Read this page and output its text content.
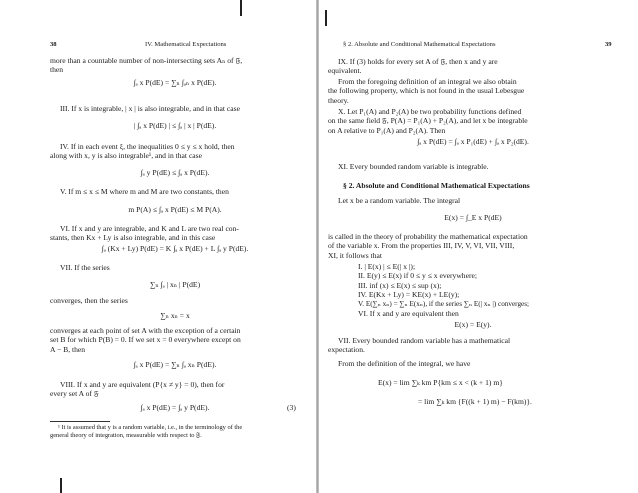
38	IV. Mathematical Expectations
more than a countable number of non-intersecting sets Aₙ of 𝔉,
then
∫ₐ x P(dE) = ∑ₙ ∫ₐₙ x P(dE).
III. If x is integrable, | x | is also integrable, and in that case
| ∫ₐ x P(dE) | ≤ ∫ₐ | x | P(dE).
IV. If in each event ξ, the inequalities 0 ≤ y ≤ x hold, then
along with x, y is also integrable¹, and in that case
∫ₐ y P(dE) ≤ ∫ₐ x P(dE).
V. If m ≤ x ≤ M where m and M are two constants, then
m P(A) ≤ ∫ₐ x P(dE) ≤ M P(A).
VI. If x and y are integrable, and K and L are two real con-
stants, then Kx + Ly is also integrable, and in this case
∫ₐ (Kx + Ly) P(dE) = K ∫ₐ x P(dE) + L ∫ₐ y P(dE).
VII. If the series
∑ₙ ∫ₐ | xₙ | P(dE)
converges, then the series
∑ₙ xₙ = x
converges at each point of set A with the exception of a certain
set B for which P(B) = 0. If we set x = 0 everywhere except on
A − B, then
∫ₐ x P(dE) = ∑ₙ ∫ₐ xₙ P(dE).
VIII. If x and y are equivalent (P{x ≠ y} = 0), then for
every set A of 𝔉
∫ₐ x P(dE) = ∫ₐ y P(dE).	(3)
¹ It is assumed that y is a random variable, i.e., in the terminology of the
general theory of integration, measurable with respect to 𝔉.
§ 2. Absolute and Conditional Mathematical Expectations	39
IX. If (3) holds for every set A of 𝔉, then x and y are
equivalent.
From the foregoing definition of an integral we also obtain
the following property, which is not found in the usual Lebesgue
theory.
X. Let P₁(A) and P₂(A) be two probability functions defined
on the same field 𝔉, P(A) = P₁(A) + P₂(A), and let x be integrable
on A relative to P₁(A) and P₂(A). Then
∫ₐ x P(dE) = ∫ₐ x P₁(dE) + ∫ₐ x P₂(dE).
XI. Every bounded random variable is integrable.
§ 2. Absolute and Conditional Mathematical Expectations
Let x be a random variable. The integral
E(x) = ∫_E x P(dE)
is called in the theory of probability the mathematical expectation
of the variable x. From the properties III, IV, V, VI, VII, VIII,
XI, it follows that
I. | E(x) | ≤ E(| x |);
II. E(y) ≤ E(x) if 0 ≤ y ≤ x everywhere;
III. inf (x) ≤ E(x) ≤ sup (x);
IV. E(Kx + Ly) = KE(x) + LE(y);
V. E(∑ₙ xₙ) = ∑ₙ E(xₙ), if the series ∑ₙ E(| xₙ |) converges;
VI. If x and y are equivalent then
E(x) = E(y).
VII. Every bounded random variable has a mathematical
expectation.
From the definition of the integral, we have
E(x) = lim ∑ₖ km P{km ≤ x < (k + 1) m}
= lim ∑ₖ km {F((k + 1) m) − F(km)}.
